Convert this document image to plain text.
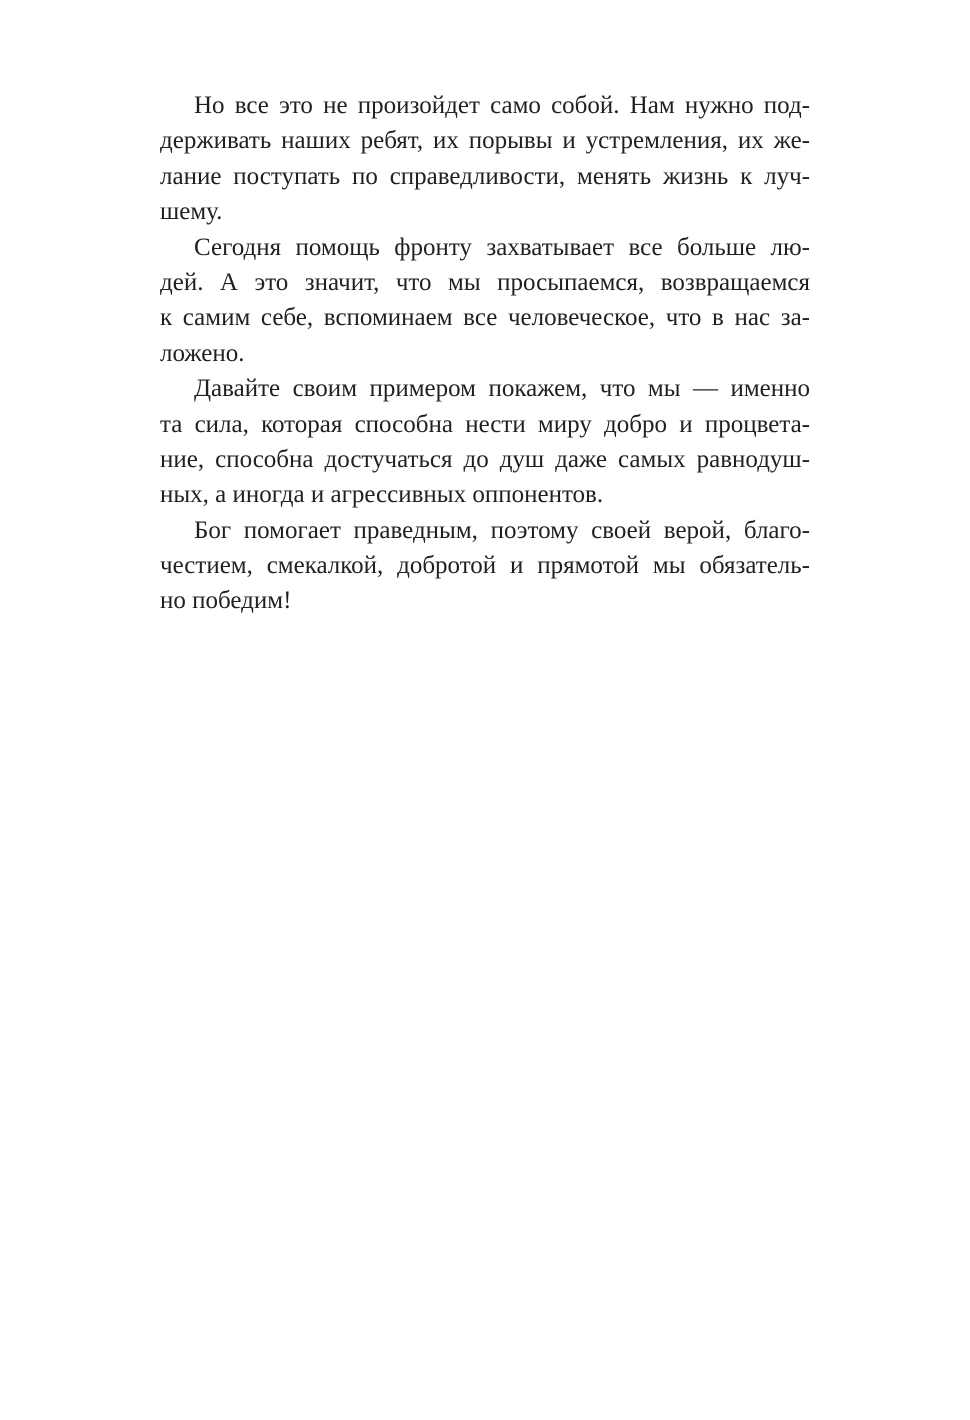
Но все это не произойдет само собой. Нам нужно под-
держивать наших ребят, их порывы и устремления, их же-
лание поступать по справедливости, менять жизнь к луч-
шему.

Сегодня помощь фронту захватывает все больше лю-
дей. А это значит, что мы просыпаемся, возвращаемся
к самим себе, вспоминаем все человеческое, что в нас за-
ложено.

Давайте своим примером покажем, что мы — именно
та сила, которая способна нести миру добро и процвета-
ние, способна достучаться до душ даже самых равнодуш-
ных, а иногда и агрессивных оппонентов.

Бог помогает праведным, поэтому своей верой, благо-
честием, смекалкой, добротой и прямотой мы обязатель-
но победим!
